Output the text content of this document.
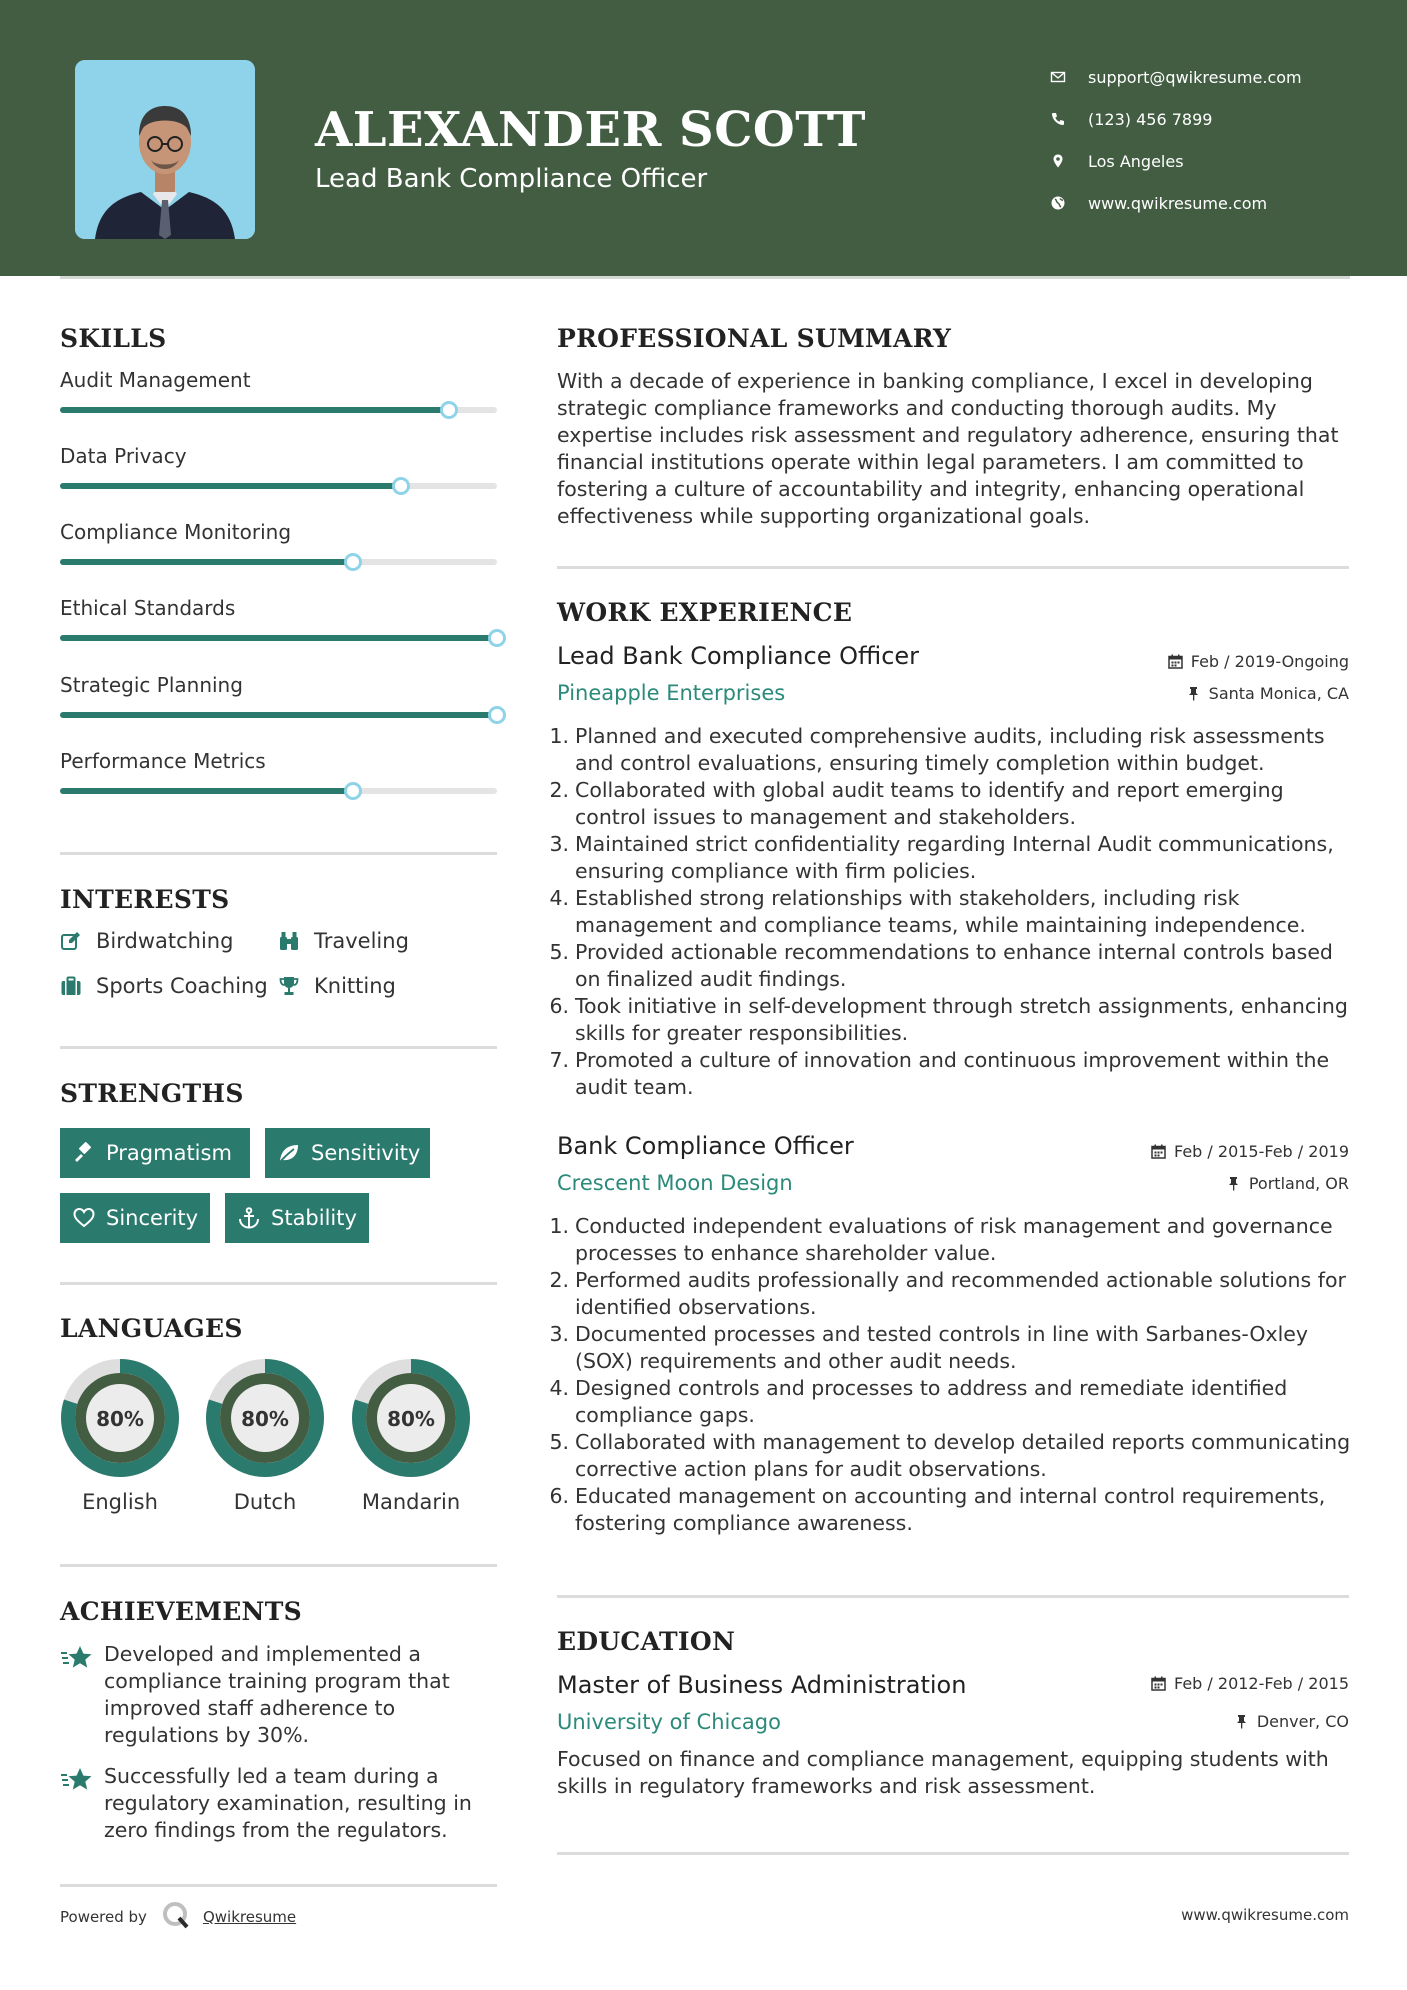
ALEXANDER SCOTT
Lead Bank Compliance Officer
support@qwikresume.com
(123) 456 7899
Los Angeles
www.qwikresume.com
SKILLS
Audit Management
Data Privacy
Compliance Monitoring
Ethical Standards
Strategic Planning
Performance Metrics
INTERESTS
Birdwatching	Traveling
Sports Coaching Knitting
STRENGTHS
Pragmatism	Sensitivity
Sincerity	Stability
LANGUAGES
80%
English
80%
Dutch
80%
Mandarin
ACHIEVEMENTS
Developed and implemented a compliance training program that improved staff adherence to regulations by 30%.
Successfully led a team during a regulatory examination, resulting in zero findings from the regulators.
Powered by	Qwikresume	www.qwikresume.com
PROFESSIONAL SUMMARY
With a decade of experience in banking compliance, I excel in developing strategic compliance frameworks and conducting thorough audits. My expertise includes risk assessment and regulatory adherence, ensuring that financial institutions operate within legal parameters. I am committed to fostering a culture of accountability and integrity, enhancing operational effectiveness while supporting organizational goals.
WORK EXPERIENCE
Lead Bank Compliance Officer	Feb / 2019-Ongoing
Pineapple Enterprises	Santa Monica, CA
1. Planned and executed comprehensive audits, including risk assessments and control evaluations, ensuring timely completion within budget.
2. Collaborated with global audit teams to identify and report emerging control issues to management and stakeholders.
3. Maintained strict confidentiality regarding Internal Audit communications, ensuring compliance with firm policies.
4. Established strong relationships with stakeholders, including risk management and compliance teams, while maintaining independence.
5. Provided actionable recommendations to enhance internal controls based on finalized audit findings.
6. Took initiative in self-development through stretch assignments, enhancing skills for greater responsibilities.
7. Promoted a culture of innovation and continuous improvement within the audit team.
Bank Compliance Officer	Feb / 2015-Feb / 2019
Crescent Moon Design	Portland, OR
1. Conducted independent evaluations of risk management and governance processes to enhance shareholder value.
2. Performed audits professionally and recommended actionable solutions for identified observations.
3. Documented processes and tested controls in line with Sarbanes-Oxley (SOX) requirements and other audit needs.
4. Designed controls and processes to address and remediate identified compliance gaps.
5. Collaborated with management to develop detailed reports communicating corrective action plans for audit observations.
6. Educated management on accounting and internal control requirements, fostering compliance awareness.
EDUCATION
Master of Business Administration	Feb / 2012-Feb / 2015
University of Chicago	Denver, CO
Focused on finance and compliance management, equipping students with skills in regulatory frameworks and risk assessment.
